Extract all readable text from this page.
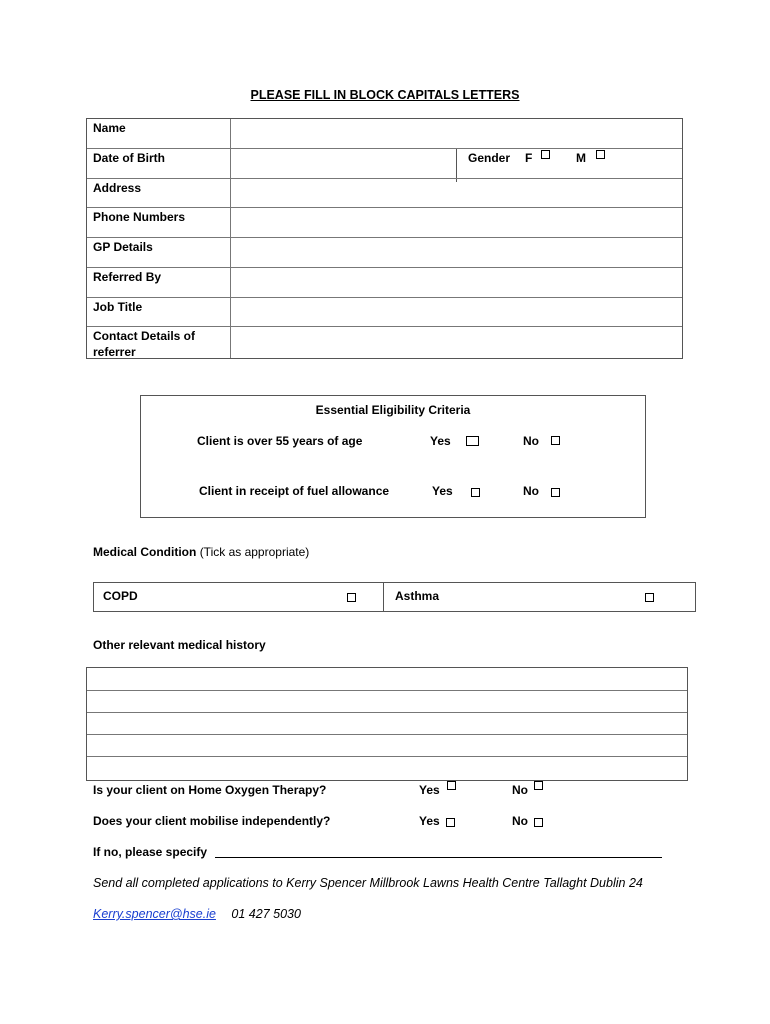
PLEASE FILL IN BLOCK CAPITALS LETTERS
Name
Date of Birth	Gender F	M
Address
Phone Numbers
GP Details
Referred By
Job Title
Contact Details of referrer
Essential Eligibility Criteria
Client is over 55 years of age	Yes	No
Client in receipt of fuel allowance	Yes	No
Medical Condition (Tick as appropriate)
COPD	Asthma
Other relevant medical history
Is your client on Home Oxygen Therapy?	Yes	No
Does your client mobilise independently?	Yes	No
If no, please specify
Send all completed applications to Kerry Spencer Millbrook Lawns Health Centre Tallaght Dublin 24
Kerry.spencer@hse.ie 01 427 5030
